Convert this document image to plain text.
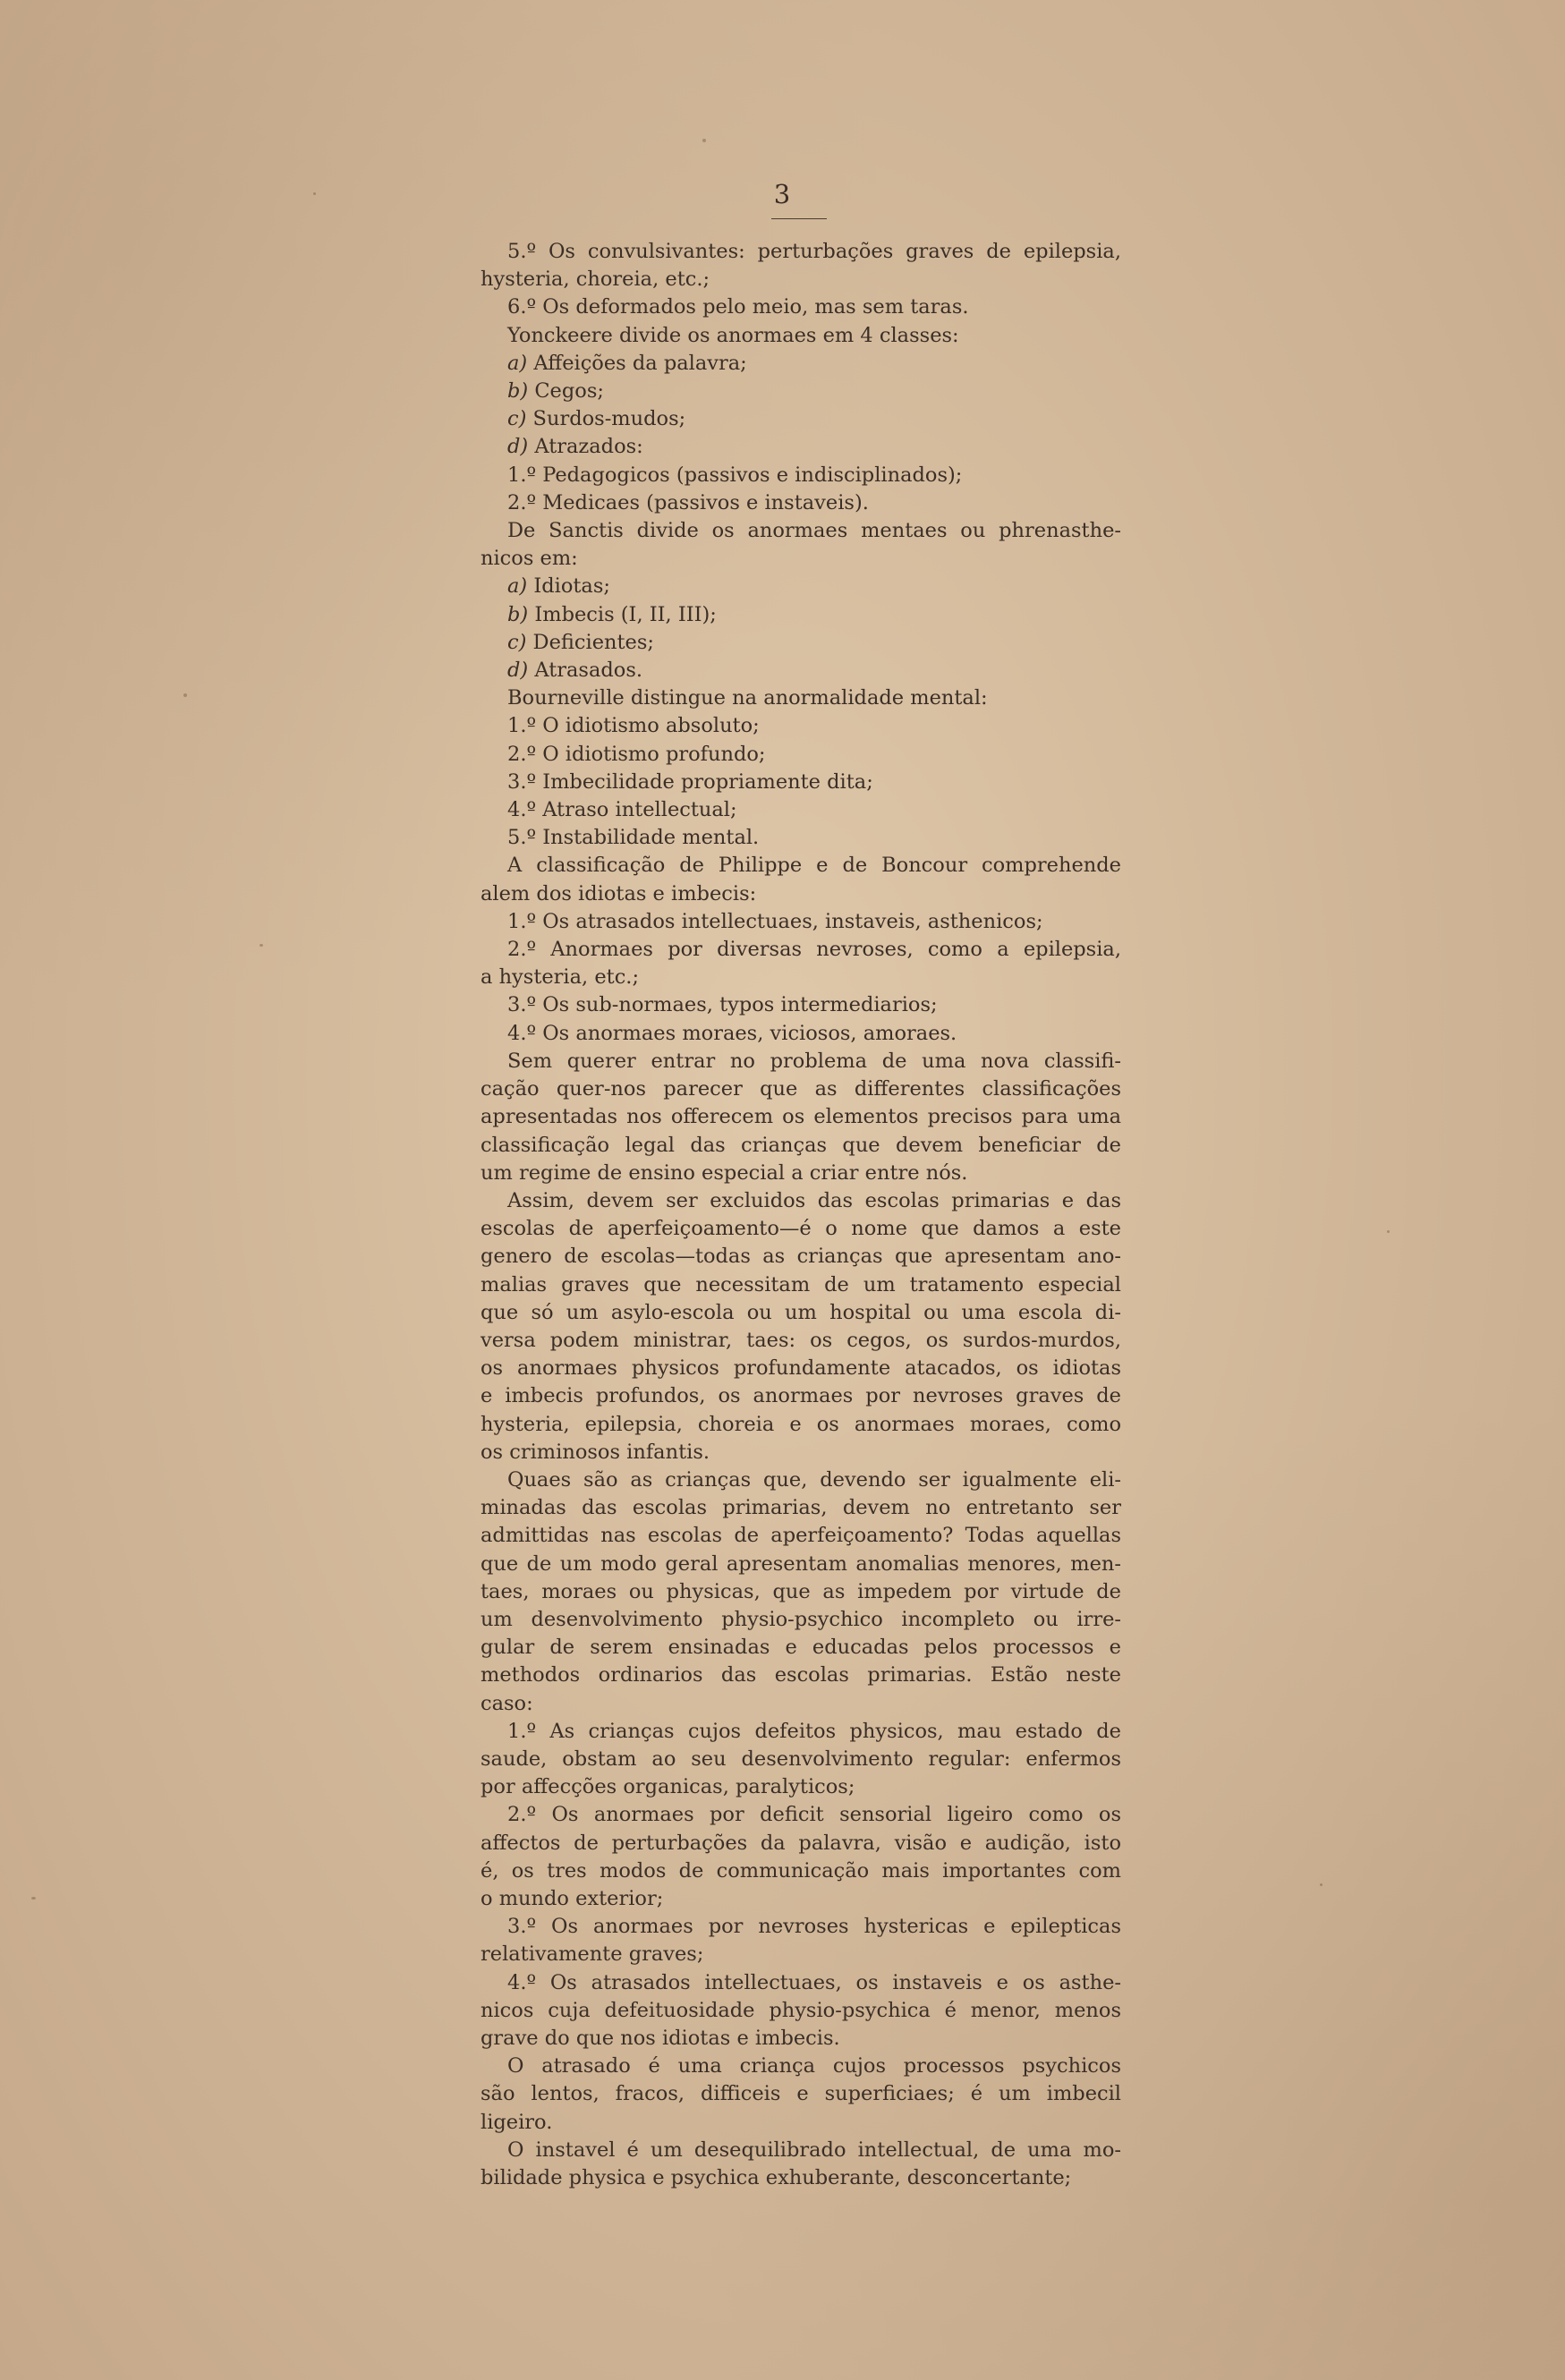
3
5.º Os convulsivantes: perturbações graves de epilepsia,
hysteria, choreia, etc.;
6.º Os deformados pelo meio, mas sem taras.
Yonckeere divide os anormaes em 4 classes:
a) Affeições da palavra;
b) Cegos;
c) Surdos-mudos;
d) Atrazados:
1.º Pedagogicos (passivos e indisciplinados);
2.º Medicaes (passivos e instaveis).
De Sanctis divide os anormaes mentaes ou phrenasthe-
nicos em:
a) Idiotas;
b) Imbecis (I, II, III);
c) Deficientes;
d) Atrasados.
Bourneville distingue na anormalidade mental:
1.º O idiotismo absoluto;
2.º O idiotismo profundo;
3.º Imbecilidade propriamente dita;
4.º Atraso intellectual;
5.º Instabilidade mental.
A classificação de Philippe e de Boncour comprehende
alem dos idiotas e imbecis:
1.º Os atrasados intellectuaes, instaveis, asthenicos;
2.º Anormaes por diversas nevroses, como a epilepsia,
a hysteria, etc.;
3.º Os sub-normaes, typos intermediarios;
4.º Os anormaes moraes, viciosos, amoraes.
Sem querer entrar no problema de uma nova classifi-
cação quer-nos parecer que as differentes classificações
apresentadas nos offerecem os elementos precisos para uma
classificação legal das crianças que devem beneficiar de
um regime de ensino especial a criar entre nós.
Assim, devem ser excluidos das escolas primarias e das
escolas de aperfeiçoamento—é o nome que damos a este
genero de escolas—todas as crianças que apresentam ano-
malias graves que necessitam de um tratamento especial
que só um asylo-escola ou um hospital ou uma escola di-
versa podem ministrar, taes: os cegos, os surdos-murdos,
os anormaes physicos profundamente atacados, os idiotas
e imbecis profundos, os anormaes por nevroses graves de
hysteria, epilepsia, choreia e os anormaes moraes, como
os criminosos infantis.
Quaes são as crianças que, devendo ser igualmente eli-
minadas das escolas primarias, devem no entretanto ser
admittidas nas escolas de aperfeiçoamento? Todas aquellas
que de um modo geral apresentam anomalias menores, men-
taes, moraes ou physicas, que as impedem por virtude de
um desenvolvimento physio-psychico incompleto ou irre-
gular de serem ensinadas e educadas pelos processos e
methodos ordinarios das escolas primarias. Estão neste
caso:
1.º As crianças cujos defeitos physicos, mau estado de
saude, obstam ao seu desenvolvimento regular: enfermos
por affecções organicas, paralyticos;
2.º Os anormaes por deficit sensorial ligeiro como os
affectos de perturbações da palavra, visão e audição, isto
é, os tres modos de communicação mais importantes com
o mundo exterior;
3.º Os anormaes por nevroses hystericas e epilepticas
relativamente graves;
4.º Os atrasados intellectuaes, os instaveis e os asthe-
nicos cuja defeituosidade physio-psychica é menor, menos
grave do que nos idiotas e imbecis.
O atrasado é uma criança cujos processos psychicos
são lentos, fracos, difficeis e superficiaes; é um imbecil
ligeiro.
O instavel é um desequilibrado intellectual, de uma mo-
bilidade physica e psychica exhuberante, desconcertante;
